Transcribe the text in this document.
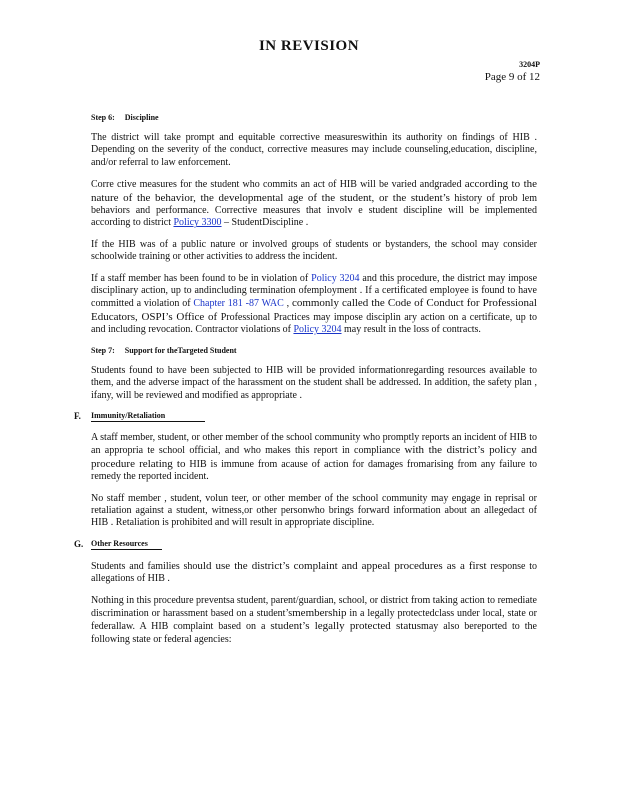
IN REVISION
3204P
Page 9 of 12
Step 6: Discipline

The district will take prompt and equitable corrective measureswithin its authority on findings of HIB . Depending on the severity of the conduct, corrective measures may include counseling,education, discipline, and/or referral to law enforcement.

Corre ctive measures for the student who commits an act of HIB will be varied andgraded according to the nature of the behavior, the developmental age of the student, or the student’s history of prob lem behaviors and performance. Corrective measures that involv e student discipline will be implemented according to district Policy 3300 – StudentDiscipline .

If the HIB was of a public nature or involved groups of students or bystanders, the school may consider schoolwide training or other activities to address the incident.

If a staff member has been found to be in violation of Policy 3204 and this procedure, the district may impose disciplinary action, up to andincluding termination ofemployment . If a certificated employee is found to have committed a violation of Chapter 181 -87 WAC , commonly called the Code of Conduct for Professional Educators, OSPI’s Office of Professional Practices may impose disciplin ary action on a certificate, up to and including revocation. Contractor violations of Policy 3204 may result in the loss of contracts.

Step 7: Support for theTargeted Student

Students found to have been subjected to HIB will be provided informationregarding resources available to them, and the adverse impact of the harassment on the student shall be addressed. In addition, the safety plan , ifany, will be reviewed and modified as appropriate .

F. Immunity/Retaliation

A staff member, student, or other member of the school community who promptly reports an incident of HIB to an appropria te school official, and who makes this report in compliance with the district’s policy and procedure relating to HIB is immune from acause of action for damages fromarising from any failure to remedy the reported incident.

No staff member , student, volun teer, or other member of the school community may engage in reprisal or retaliation against a student, witness,or other personwho brings forward information about an allegedact of HIB . Retaliation is prohibited and will result in appropriate discipline.

G. Other Resources

Students and families should use the district’s complaint and appeal procedures as a first response to allegations of HIB .

Nothing in this procedure preventsa student, parent/guardian, school, or district from taking action to remediate discrimination or harassment based on a student’smembership in a legally protectedclass under local, state or federallaw. A HIB complaint based on a student’s legally protected statusmay also bereported to the following state or federal agencies:
